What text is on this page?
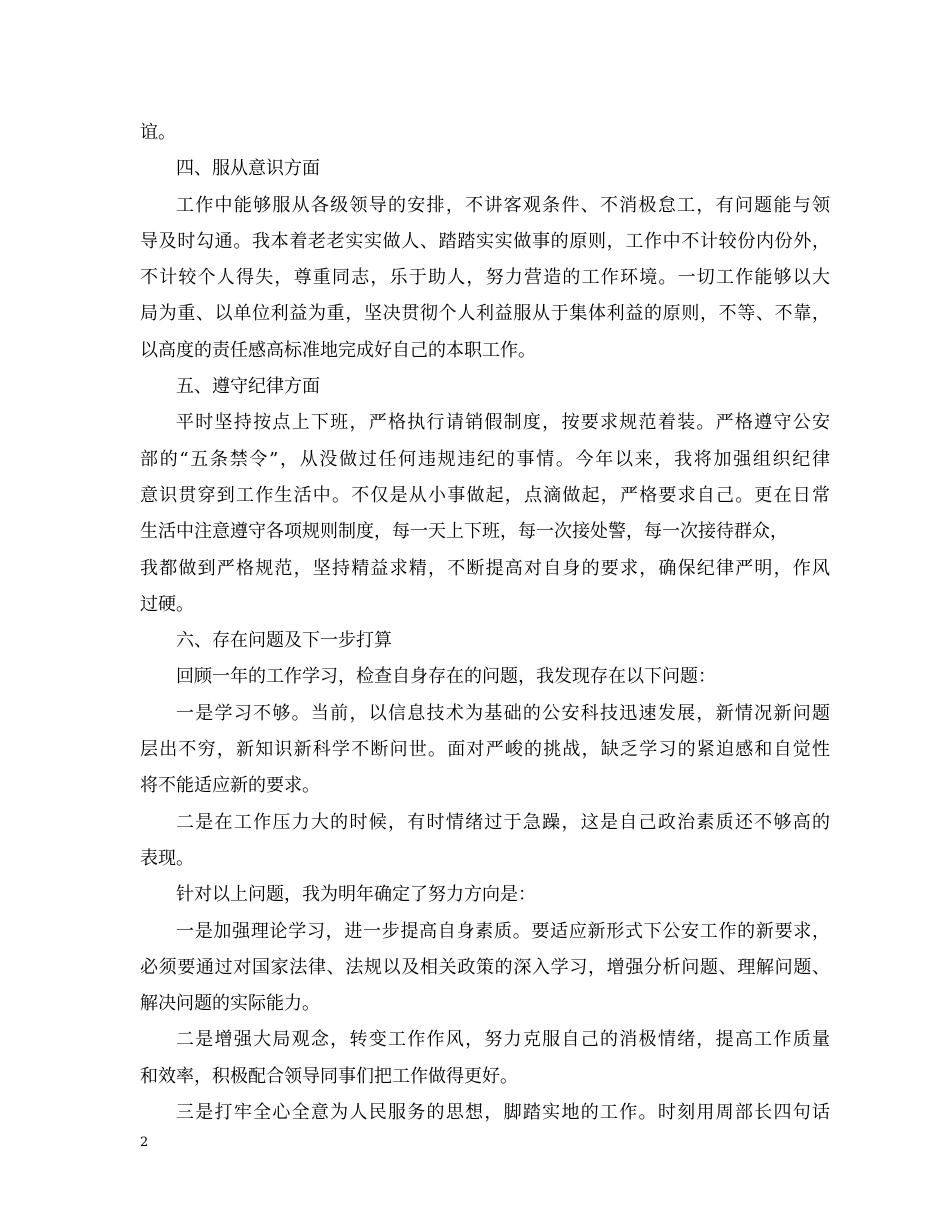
谊。
四、服从意识方面
工作中能够服从各级领导的安排，不讲客观条件、不消极怠工，有问题能与领
导及时勾通。我本着老老实实做人、踏踏实实做事的原则，工作中不计较份内份外，
不计较个人得失，尊重同志，乐于助人，努力营造的工作环境。一切工作能够以大
局为重、以单位利益为重，坚决贯彻个人利益服从于集体利益的原则，不等、不靠，
以高度的责任感高标准地完成好自己的本职工作。
五、遵守纪律方面
平时坚持按点上下班，严格执行请销假制度，按要求规范着装。严格遵守公安
部的“五条禁令”，从没做过任何违规违纪的事情。今年以来，我将加强组织纪律
意识贯穿到工作生活中。不仅是从小事做起，点滴做起，严格要求自己。更在日常
生活中注意遵守各项规则制度，每一天上下班，每一次接处警，每一次接待群众，
我都做到严格规范，坚持精益求精，不断提高对自身的要求，确保纪律严明，作风
过硬。
六、存在问题及下一步打算
回顾一年的工作学习，检查自身存在的问题，我发现存在以下问题：
一是学习不够。当前，以信息技术为基础的公安科技迅速发展，新情况新问题
层出不穷，新知识新科学不断问世。面对严峻的挑战，缺乏学习的紧迫感和自觉性
将不能适应新的要求。
二是在工作压力大的时候，有时情绪过于急躁，这是自己政治素质还不够高的
表现。
针对以上问题，我为明年确定了努力方向是：
一是加强理论学习，进一步提高自身素质。要适应新形式下公安工作的新要求，
必须要通过对国家法律、法规以及相关政策的深入学习，增强分析问题、理解问题、
解决问题的实际能力。
二是增强大局观念，转变工作作风，努力克服自己的消极情绪，提高工作质量
和效率，积极配合领导同事们把工作做得更好。
三是打牢全心全意为人民服务的思想，脚踏实地的工作。时刻用周部长四句话
2
